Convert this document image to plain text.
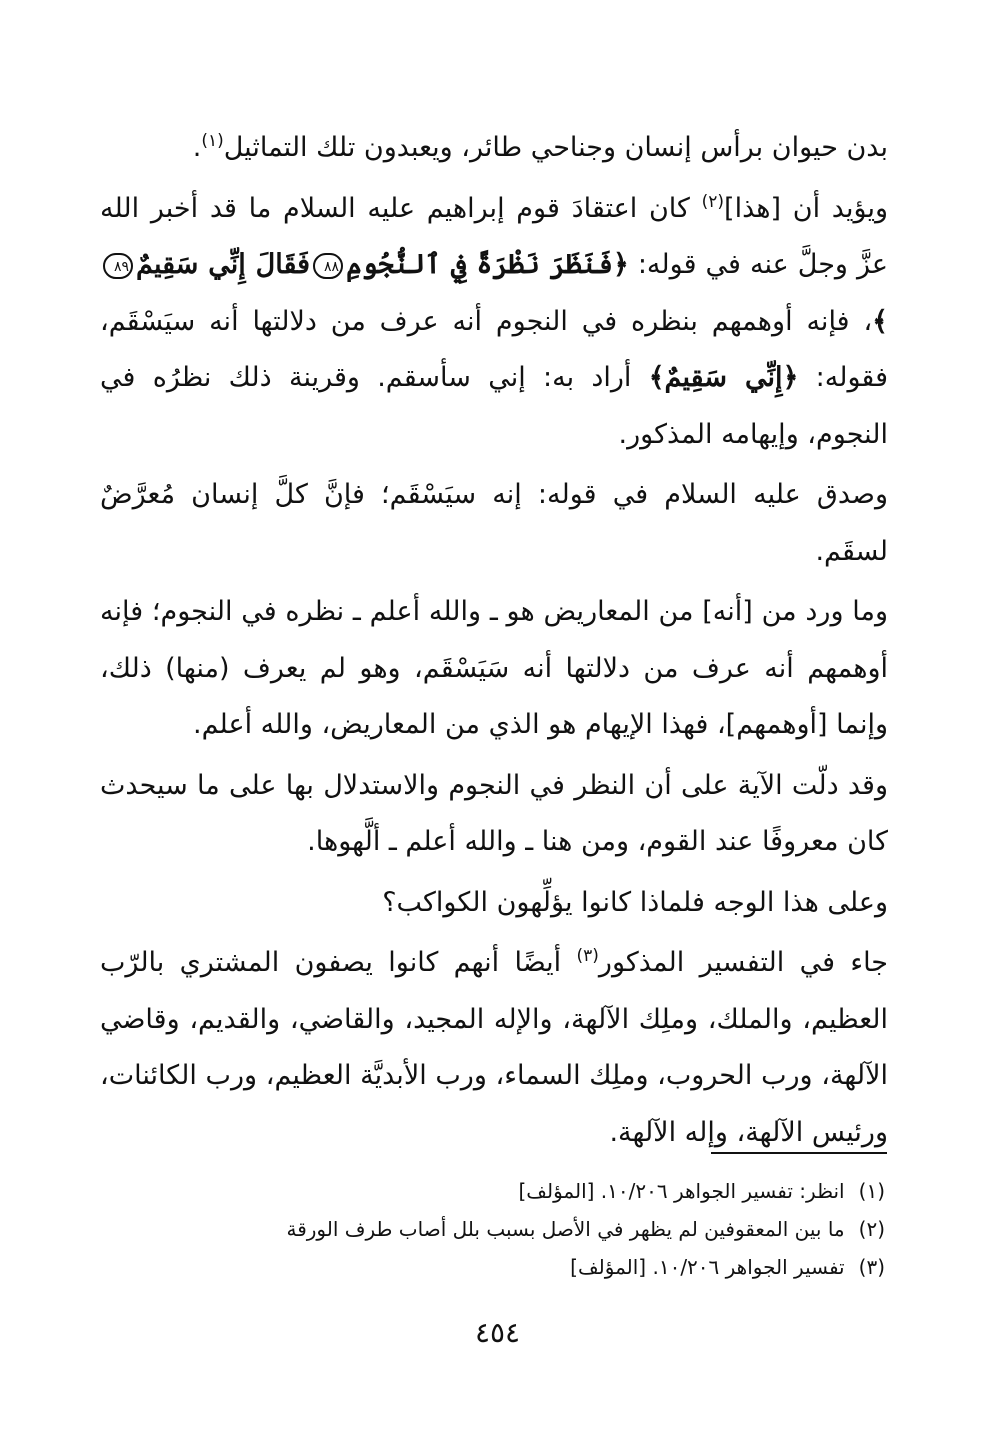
بدن حيوان برأس إنسان وجناحي طائر، ويعبدون تلك التماثيل$^{(١)}$.

ويؤيد أن [هذا]$^{(٢)}$ كان اعتقادَ قوم إبراهيم عليه السلام ما قد أخبر الله عزَّ وجلَّ عنه في قوله: ﴿فَنَظَرَ نَظْرَةً فِي ٱلنُّجُومِ٨٨فَقَالَ إِنِّي سَقِيمٌ٨٩﴾، فإنه أوهمهم بنظره في النجوم أنه عرف من دلالتها أنه سيَسْقَم، فقوله: ﴿إِنِّي سَقِيمٌ﴾ أراد به: إني سأسقم. وقرينة ذلك نظرُه في النجوم، وإيهامه المذكور.

وصدق عليه السلام في قوله: إنه سيَسْقَم؛ فإنَّ كلَّ إنسان مُعرَّضٌ لسقَم.

وما ورد من [أنه] من المعاريض هو ـ والله أعلم ـ نظره في النجوم؛ فإنه أوهمهم أنه عرف من دلالتها أنه سَيَسْقَم، وهو لم يعرف (منها) ذلك، وإنما [أوهمهم]، فهذا الإيهام هو الذي من المعاريض، والله أعلم.

وقد دلّت الآية على أن النظر في النجوم والاستدلال بها على ما سيحدث كان معروفًا عند القوم، ومن هنا ـ والله أعلم ـ ألَّهوها.

وعلى هذا الوجه فلماذا كانوا يؤلِّهون الكواكب؟

جاء في التفسير المذكور$^{(٣)}$ أيضًا أنهم كانوا يصفون المشتري بالرّب العظيم، والملك، وملِك الآلهة، والإله المجيد، والقاضي، والقديم، وقاضي الآلهة، ورب الحروب، وملِك السماء، ورب الأبديَّة العظيم، ورب الكائنات، ورئيس الآلهة، وإله الآلهة.

(١)انظر: تفسير الجواهر ١٠/٢٠٦. [المؤلف]

(٢)ما بين المعقوفين لم يظهر في الأصل بسبب بلل أصاب طرف الورقة

(٣)تفسير الجواهر ١٠/٢٠٦. [المؤلف]

٤٥٤
